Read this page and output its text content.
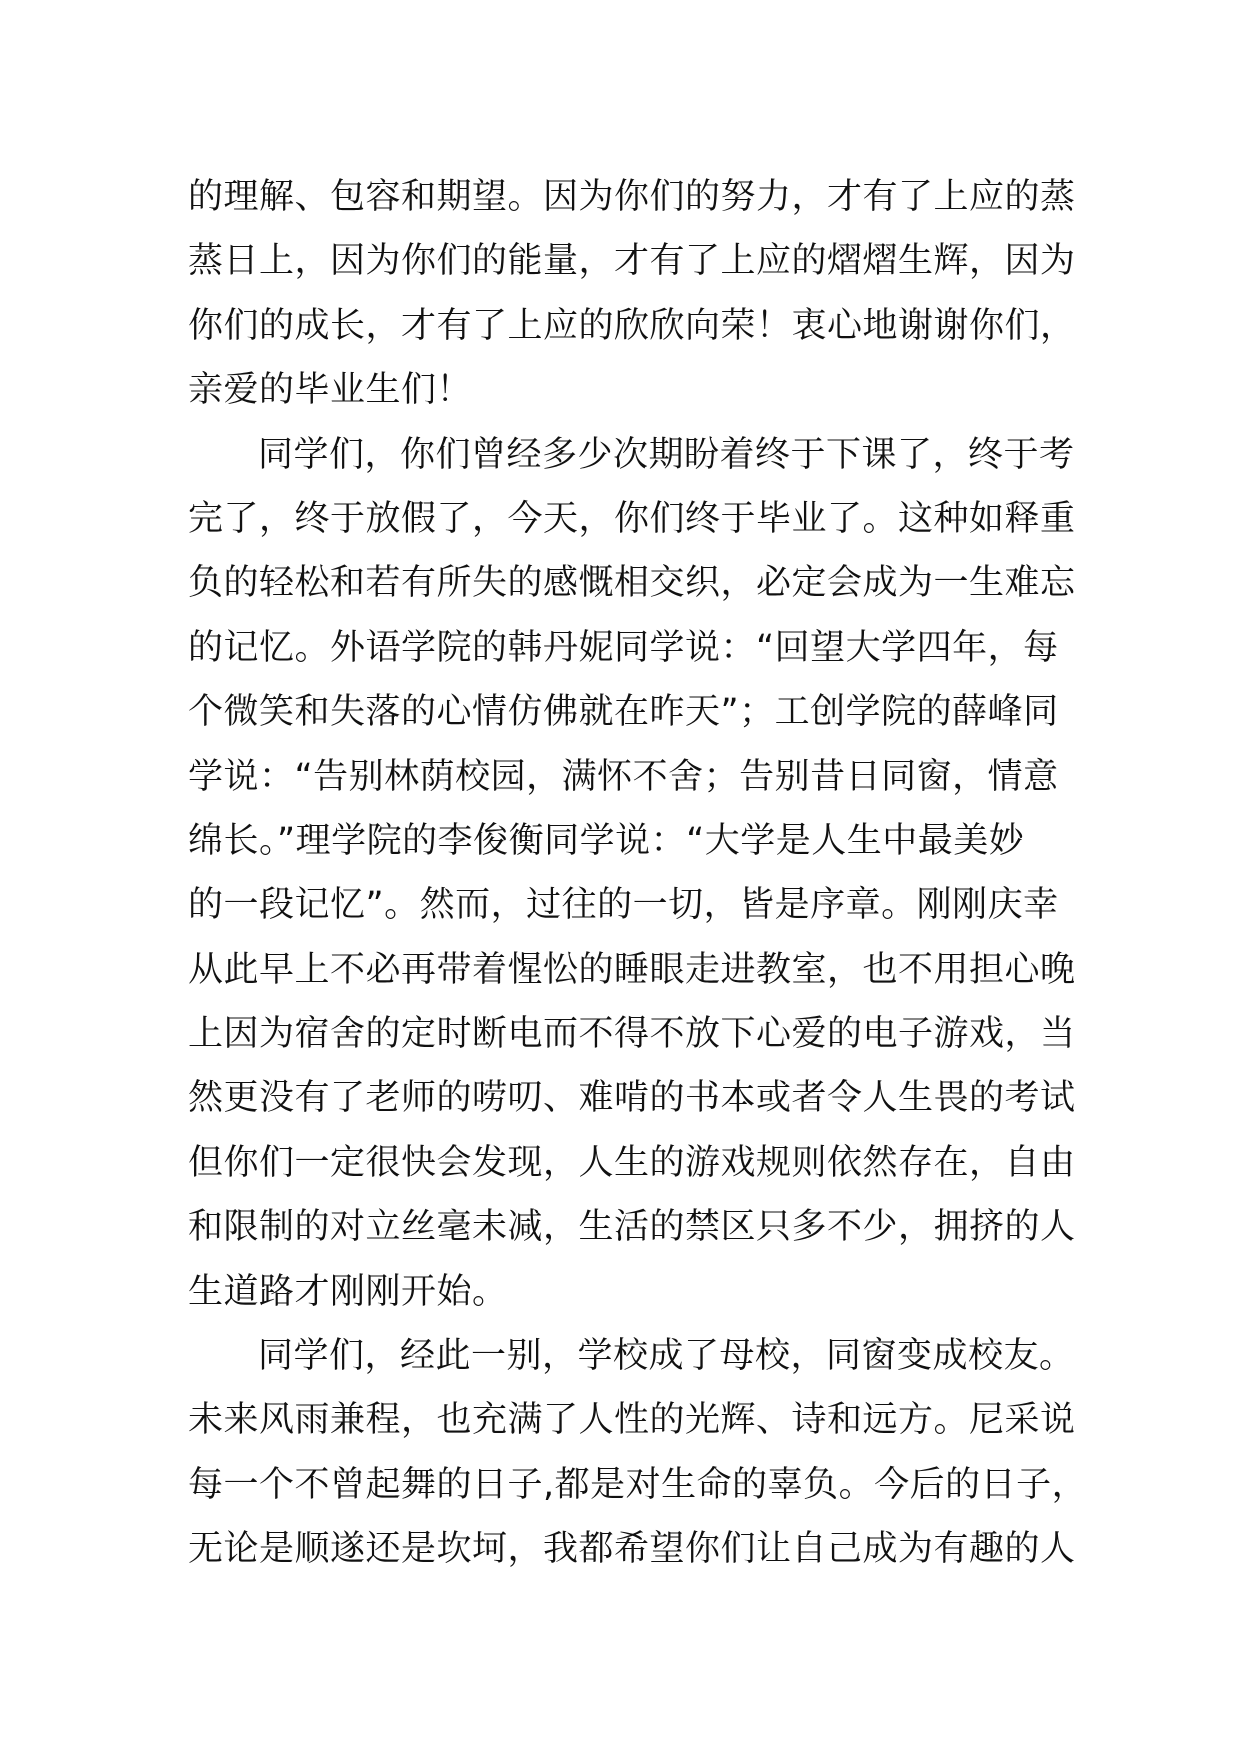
的理解、包容和期望。因为你们的努力，才有了上应的蒸
蒸日上，因为你们的能量，才有了上应的熠熠生辉，因为
你们的成长，才有了上应的欣欣向荣！衷心地谢谢你们，
亲爱的毕业生们！
同学们，你们曾经多少次期盼着终于下课了，终于考
完了，终于放假了，今天，你们终于毕业了。这种如释重
负的轻松和若有所失的感慨相交织，必定会成为一生难忘
的记忆。外语学院的韩丹妮同学说：“回望大学四年，每
个微笑和失落的心情仿佛就在昨天”；工创学院的薛峰同
学说：“告别林荫校园，满怀不舍；告别昔日同窗，情意
绵长。”理学院的李俊衡同学说：“大学是人生中最美妙
的一段记忆”。然而，过往的一切，皆是序章。刚刚庆幸
从此早上不必再带着惺忪的睡眼走进教室，也不用担心晚
上因为宿舍的定时断电而不得不放下心爱的电子游戏，当
然更没有了老师的唠叨、难啃的书本或者令人生畏的考试
但你们一定很快会发现，人生的游戏规则依然存在，自由
和限制的对立丝毫未减，生活的禁区只多不少，拥挤的人
生道路才刚刚开始。
同学们，经此一别，学校成了母校，同窗变成校友。
未来风雨兼程，也充满了人性的光辉、诗和远方。尼采说
每一个不曾起舞的日子,都是对生命的辜负。今后的日子，
无论是顺遂还是坎坷，我都希望你们让自己成为有趣的人
